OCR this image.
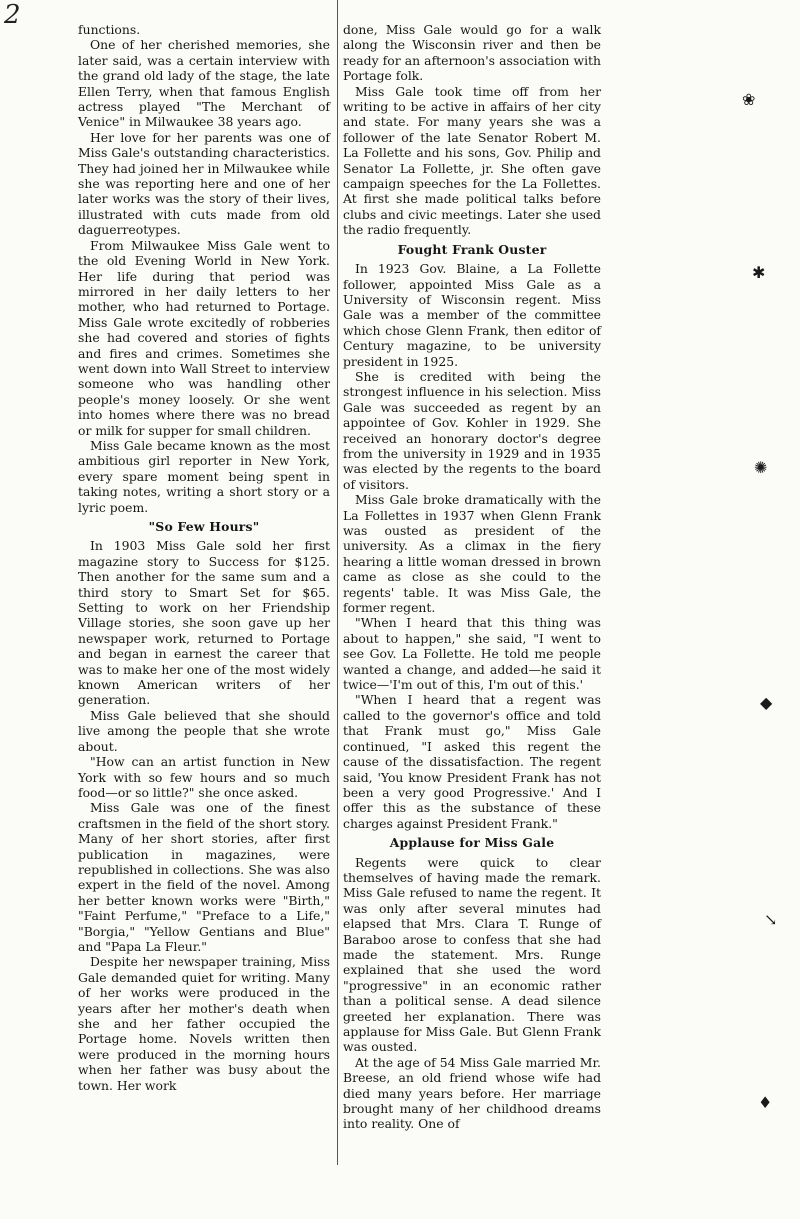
2	functions.

One of her cherished memories, she later said, was a certain interview with the grand old lady of the stage, the late Ellen Terry, when that famous English actress played "The Merchant of Venice" in Milwaukee 38 years ago.

Her love for her parents was one of Miss Gale's outstanding characteristics. They had joined her in Milwaukee while she was reporting here and one of her later works was the story of their lives, illustrated with cuts made from old daguerreotypes.

From Milwaukee Miss Gale went to the old Evening World in New York. Her life during that period was mirrored in her daily letters to her mother, who had returned to Portage. Miss Gale wrote excitedly of robberies she had covered and stories of fights and fires and crimes. Sometimes she went down into Wall Street to interview someone who was handling other people's money loosely. Or she went into homes where there was no bread or milk for supper for small children.

Miss Gale became known as the most ambitious girl reporter in New York, every spare moment being spent in taking notes, writing a short story or a lyric poem.

"So Few Hours"

In 1903 Miss Gale sold her first magazine story to Success for $125. Then another for the same sum and a third story to Smart Set for $65. Setting to work on her Friendship Village stories, she soon gave up her newspaper work, returned to Portage and began in earnest the career that was to make her one of the most widely known American writers of her generation.

Miss Gale believed that she should live among the people that she wrote about.

"How can an artist function in New York with so few hours and so much food—or so little?" she once asked.

Miss Gale was one of the finest craftsmen in the field of the short story. Many of her short stories, after first publication in magazines, were republished in collections. She was also expert in the field of the novel. Among her better known works were "Birth," "Faint Perfume," "Preface to a Life," "Borgia," "Yellow Gentians and Blue" and "Papa La Fleur."

Despite her newspaper training, Miss Gale demanded quiet for writing. Many of her works were produced in the years after her mother's death when she and her father occupied the Portage home. Novels written then were produced in the morning hours when her father was busy about the town. Her work

done, Miss Gale would go for a walk along the Wisconsin river and then be ready for an afternoon's association with Portage folk.

Miss Gale took time off from her writing to be active in affairs of her city and state. For many years she was a follower of the late Senator Robert M. La Follette and his sons, Gov. Philip and Senator La Follette, jr. She often gave campaign speeches for the La Follettes. At first she made political talks before clubs and civic meetings. Later she used the radio frequently.

Fought Frank Ouster

In 1923 Gov. Blaine, a La Follette follower, appointed Miss Gale as a University of Wisconsin regent. Miss Gale was a member of the committee which chose Glenn Frank, then editor of Century magazine, to be university president in 1925.

She is credited with being the strongest influence in his selection. Miss Gale was succeeded as regent by an appointee of Gov. Kohler in 1929. She received an honorary doctor's degree from the university in 1929 and in 1935 was elected by the regents to the board of visitors.

Miss Gale broke dramatically with the La Follettes in 1937 when Glenn Frank was ousted as president of the university. As a climax in the fiery hearing a little woman dressed in brown came as close as she could to the regents' table. It was Miss Gale, the former regent.

"When I heard that this thing was about to happen," she said, "I went to see Gov. La Follette. He told me people wanted a change, and added—he said it twice—'I'm out of this, I'm out of this.'

"When I heard that a regent was called to the governor's office and told that Frank must go," Miss Gale continued, "I asked this regent the cause of the dissatisfaction. The regent said, 'You know President Frank has not been a very good Progressive.' And I offer this as the substance of these charges against President Frank."

Applause for Miss Gale

Regents were quick to clear themselves of having made the remark. Miss Gale refused to name the regent. It was only after several minutes had elapsed that Mrs. Clara T. Runge of Baraboo arose to confess that she had made the statement. Mrs. Runge explained that she used the word "progressive" in an economic rather than a political sense. A dead silence greeted her explanation. There was applause for Miss Gale. But Glenn Frank was ousted.

At the age of 54 Miss Gale married Mr. Breese, an old friend whose wife had died many years before. Her marriage brought many of her childhood dreams into reality. One of

❀
✱
✺
◆
↘
♦
